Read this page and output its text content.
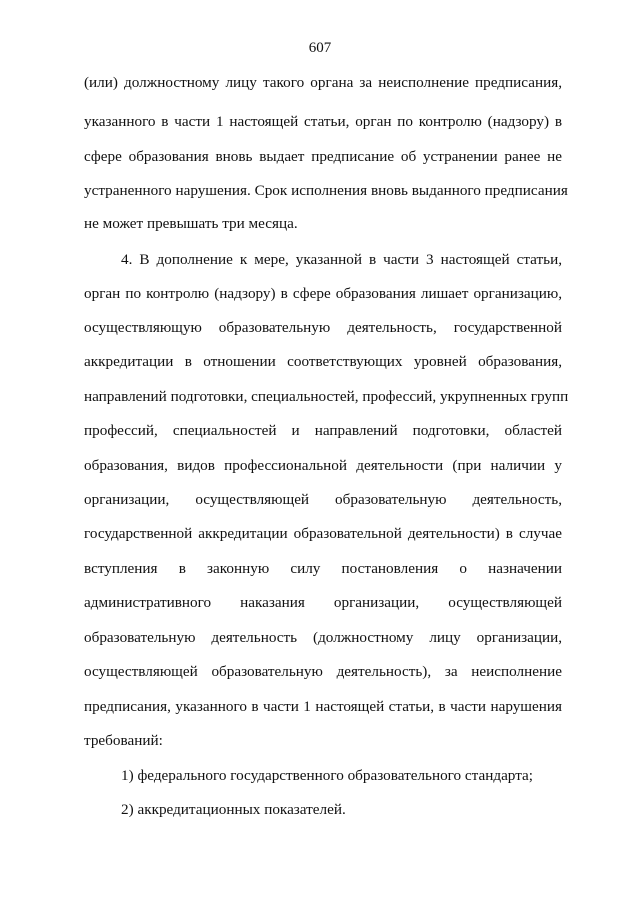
607
(или) должностному лицу такого органа за неисполнение предписания,
указанного в части 1 настоящей статьи, орган по контролю (надзору) в
сфере образования вновь выдает предписание об устранении ранее не
устраненного нарушения. Срок исполнения вновь выданного предписания
не может превышать три месяца.
4. В дополнение к мере, указанной в части 3 настоящей статьи,
орган по контролю (надзору) в сфере образования лишает организацию,
осуществляющую образовательную деятельность, государственной
аккредитации в отношении соответствующих уровней образования,
направлений подготовки, специальностей, профессий, укрупненных групп
профессий, специальностей и направлений подготовки, областей
образования, видов профессиональной деятельности (при наличии у
организации, осуществляющей образовательную деятельность,
государственной аккредитации образовательной деятельности) в случае
вступления в законную силу постановления о назначении
административного наказания организации, осуществляющей
образовательную деятельность (должностному лицу организации,
осуществляющей образовательную деятельность), за неисполнение
предписания, указанного в части 1 настоящей статьи, в части нарушения
требований:
1) федерального государственного образовательного стандарта;
2) аккредитационных показателей.
